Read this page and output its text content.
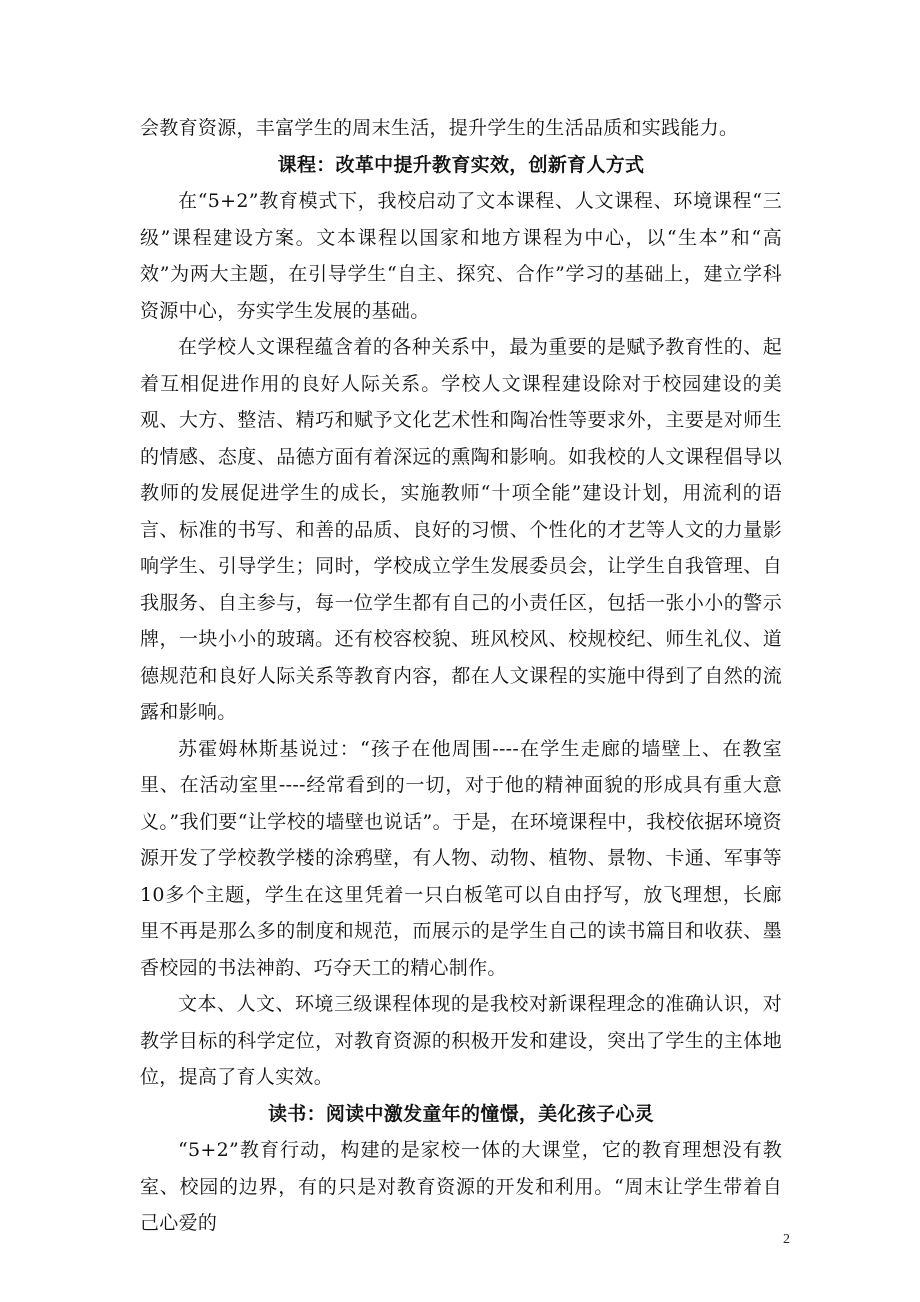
会教育资源，丰富学生的周末生活，提升学生的生活品质和实践能力。

课程：改革中提升教育实效，创新育人方式

在“5+2”教育模式下，我校启动了文本课程、人文课程、环境课程“三级”课程建设方案。文本课程以国家和地方课程为中心，以“生本”和“高效”为两大主题，在引导学生“自主、探究、合作”学习的基础上，建立学科资源中心，夯实学生发展的基础。

在学校人文课程蕴含着的各种关系中，最为重要的是赋予教育性的、起着互相促进作用的良好人际关系。学校人文课程建设除对于校园建设的美观、大方、整洁、精巧和赋予文化艺术性和陶冶性等要求外，主要是对师生的情感、态度、品德方面有着深远的熏陶和影响。如我校的人文课程倡导以教师的发展促进学生的成长，实施教师“十项全能”建设计划，用流利的语言、标准的书写、和善的品质、良好的习惯、个性化的才艺等人文的力量影响学生、引导学生；同时，学校成立学生发展委员会，让学生自我管理、自我服务、自主参与，每一位学生都有自己的小责任区，包括一张小小的警示牌，一块小小的玻璃。还有校容校貌、班风校风、校规校纪、师生礼仪、道德规范和良好人际关系等教育内容，都在人文课程的实施中得到了自然的流露和影响。

苏霍姆林斯基说过：“孩子在他周围----在学生走廊的墙壁上、在教室里、在活动室里----经常看到的一切，对于他的精神面貌的形成具有重大意义。”我们要“让学校的墙壁也说话”。于是，在环境课程中，我校依据环境资源开发了学校教学楼的涂鸦壁，有人物、动物、植物、景物、卡通、军事等10多个主题，学生在这里凭着一只白板笔可以自由抒写，放飞理想，长廊里不再是那么多的制度和规范，而展示的是学生自己的读书篇目和收获、墨香校园的书法神韵、巧夺天工的精心制作。

文本、人文、环境三级课程体现的是我校对新课程理念的准确认识，对教学目标的科学定位，对教育资源的积极开发和建设，突出了学生的主体地位，提高了育人实效。

读书：阅读中激发童年的憧憬，美化孩子心灵

“5+2”教育行动，构建的是家校一体的大课堂，它的教育理想没有教室、校园的边界，有的只是对教育资源的开发和利用。“周末让学生带着自己心爱的

2
